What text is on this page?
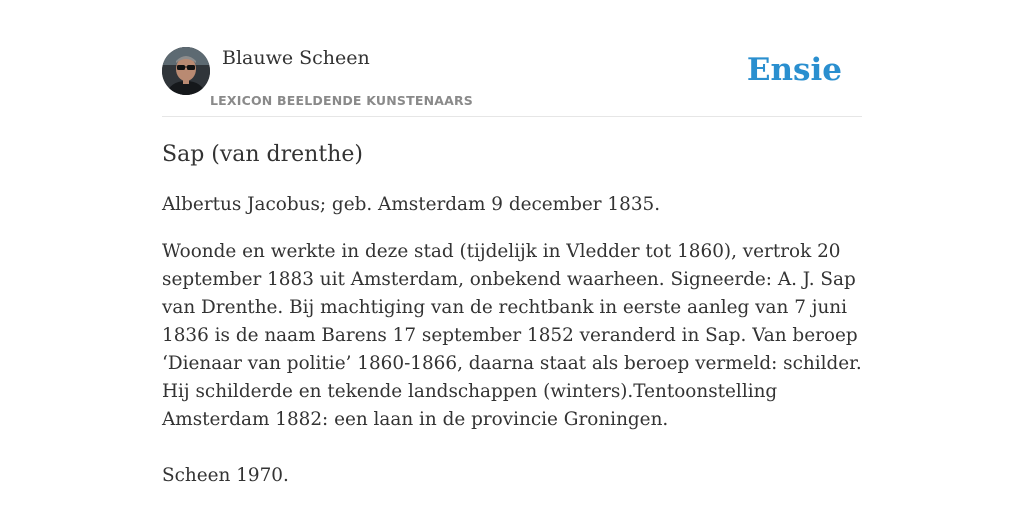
Blauwe Scheen
LEXICON BEELDENDE KUNSTENAARS
Ensie
Sap (van drenthe)

Albertus Jacobus; geb. Amsterdam 9 december 1835.

Woonde en werkte in deze stad (tijdelijk in Vledder tot 1860), vertrok 20 september 1883 uit Amsterdam, onbekend waarheen. Signeerde: A. J. Sap van Drenthe. Bij machtiging van de rechtbank in eerste aanleg van 7 juni 1836 is de naam Barens 17 september 1852 veranderd in Sap. Van beroep ‘Dienaar van politie’ 1860-1866, daarna staat als beroep vermeld: schilder. Hij schilderde en tekende landschappen (winters).Tentoonstelling Amsterdam 1882: een laan in de provincie Groningen.

Scheen 1970.
